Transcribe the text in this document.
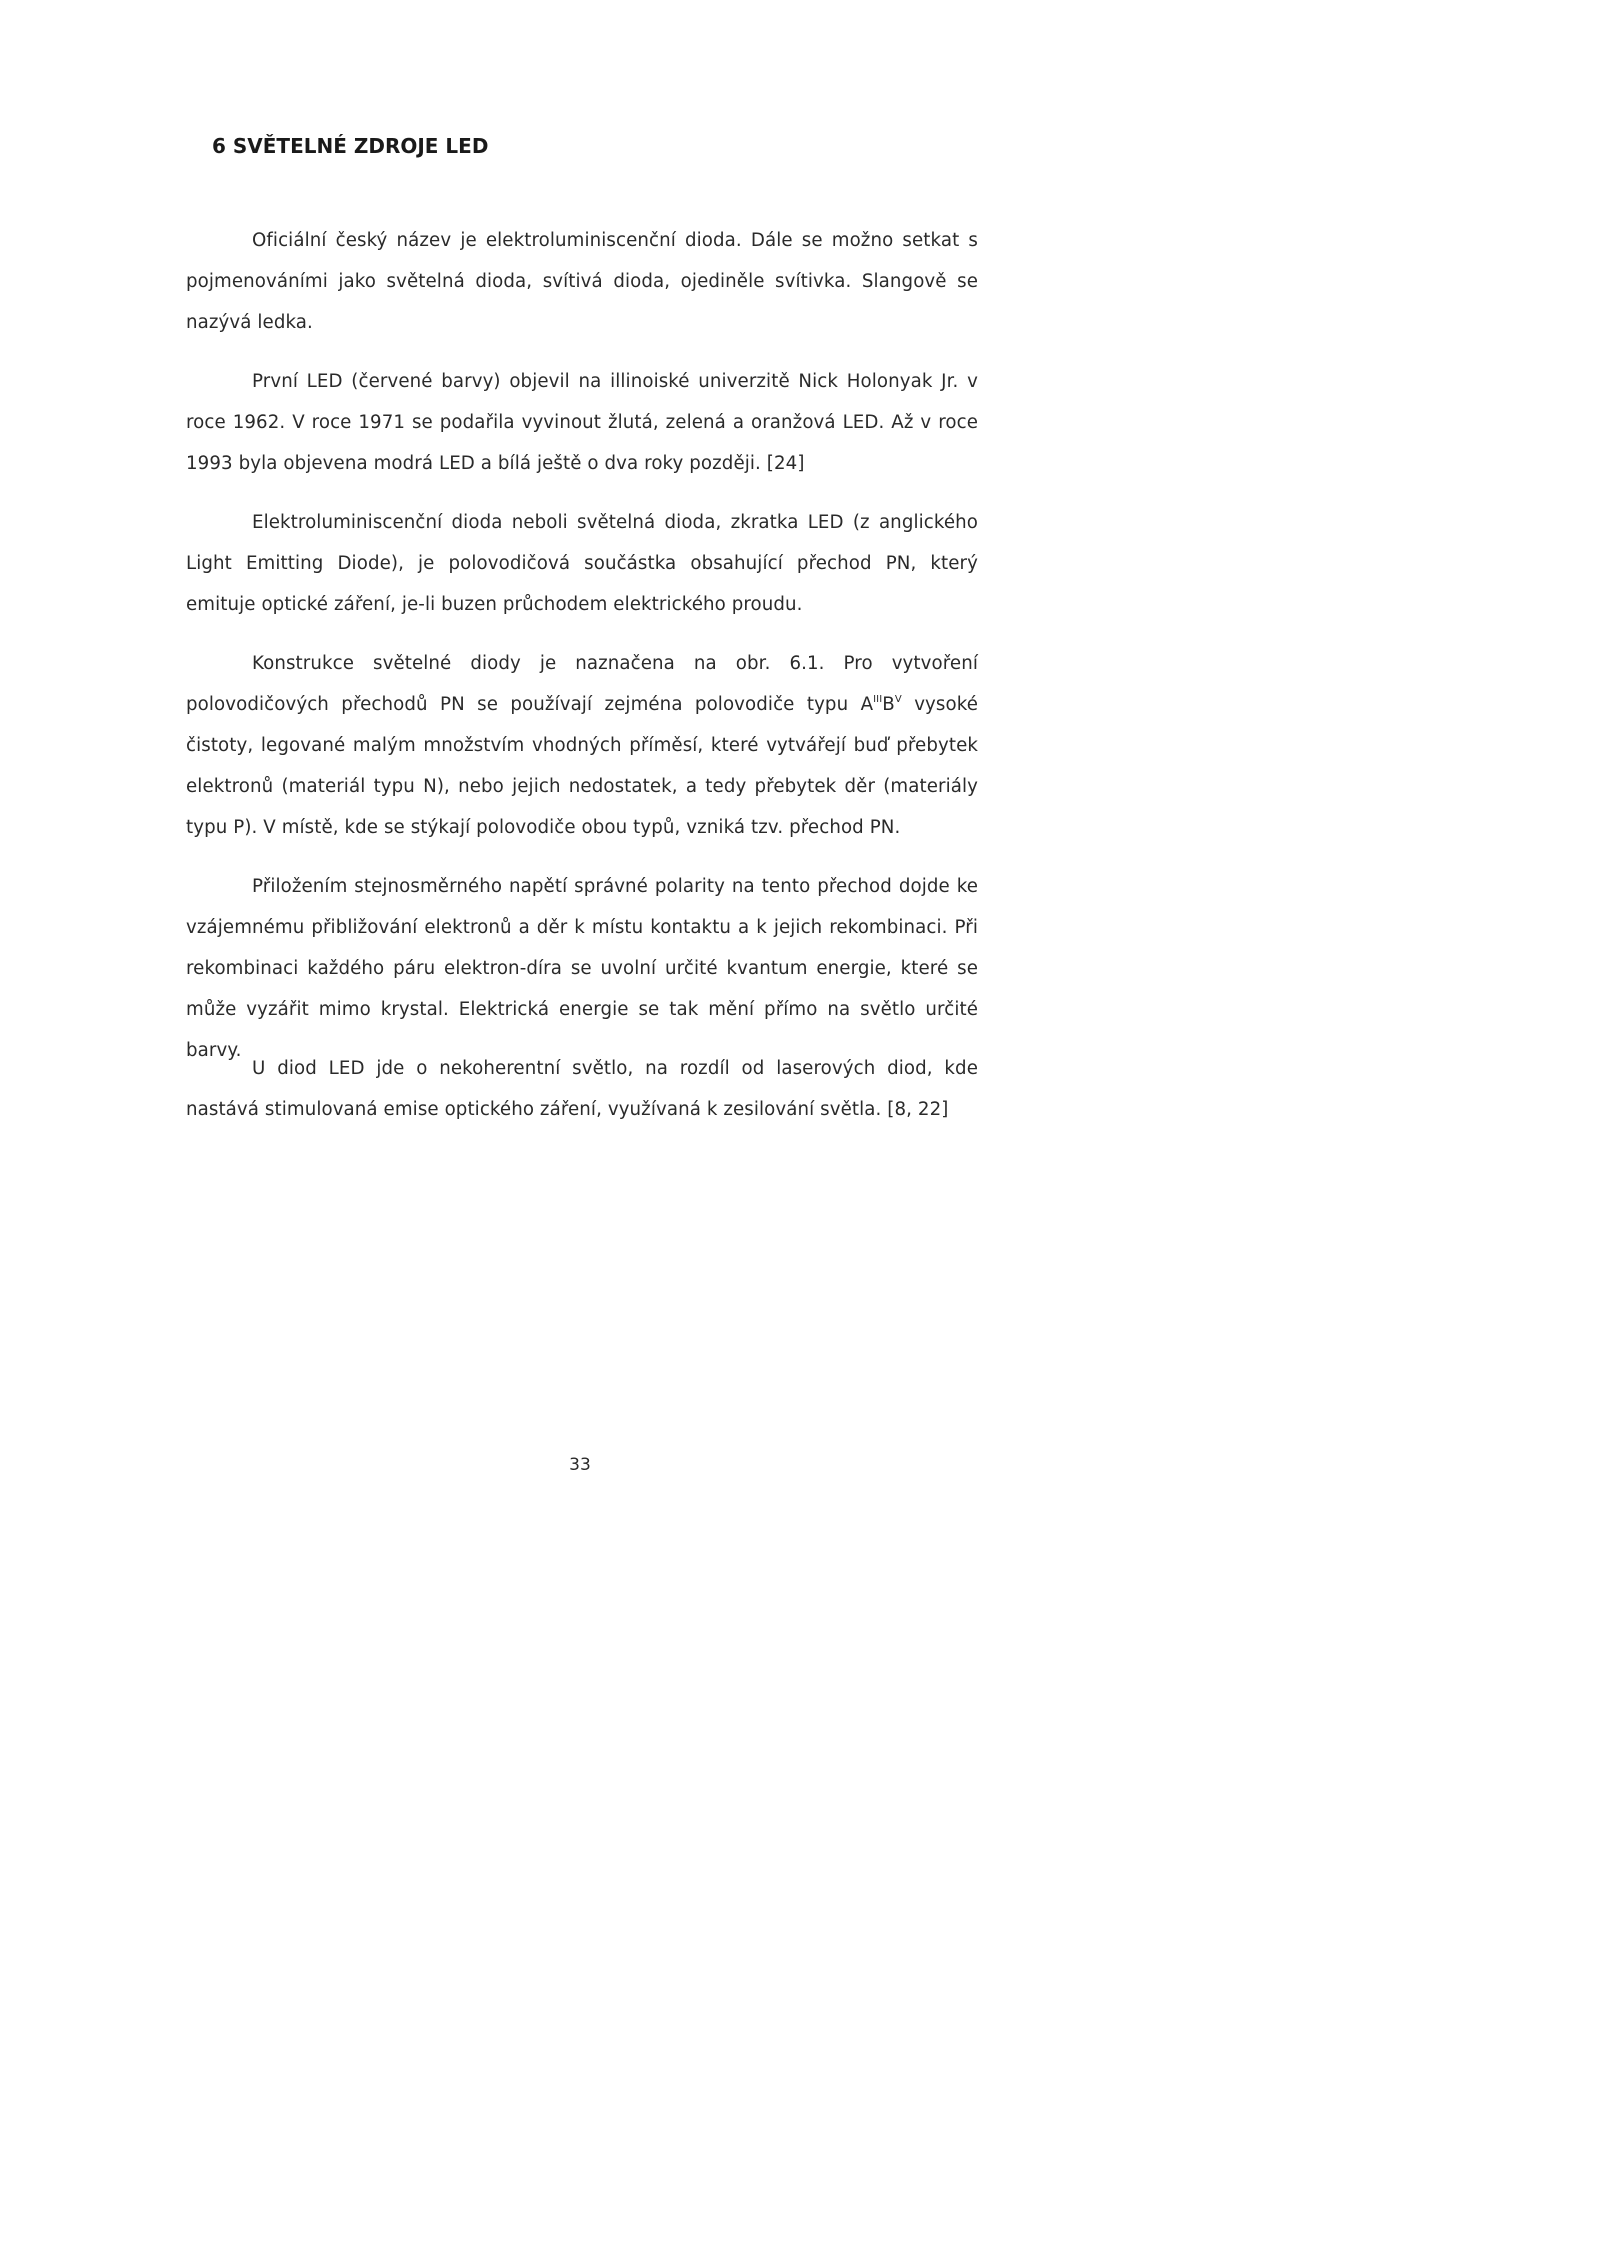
6 SVĚTELNÉ ZDROJE LED

Oficiální český název je elektroluminiscenční dioda. Dále se možno setkat s pojmenováními jako světelná dioda, svítivá dioda, ojediněle svítivka. Slangově se nazývá ledka.

První LED (červené barvy) objevil na illinoiské univerzitě Nick Holonyak Jr. v roce 1962. V roce 1971 se podařila vyvinout žlutá, zelená a oranžová LED. Až v roce 1993 byla objevena modrá LED a bílá ještě o dva roky později. [24]

Elektroluminiscenční dioda neboli světelná dioda, zkratka LED (z anglického Light Emitting Diode), je polovodičová součástka obsahující přechod PN, který emituje optické záření, je-li buzen průchodem elektrického proudu.

Konstrukce světelné diody je naznačena na obr. 6.1. Pro vytvoření polovodičových přechodů PN se používají zejména polovodiče typu $A^{III}B^V$ vysoké čistoty, legované malým množstvím vhodných příměsí, které vytvářejí buď přebytek elektronů (materiál typu N), nebo jejich nedostatek, a tedy přebytek děr (materiály typu P). V místě, kde se stýkají polovodiče obou typů, vzniká tzv. přechod PN.

Přiložením stejnosměrného napětí správné polarity na tento přechod dojde ke vzájemnému přibližování elektronů a děr k místu kontaktu a k jejich rekombinaci. Při rekombinaci každého páru elektron-díra se uvolní určité kvantum energie, které se může vyzářit mimo krystal. Elektrická energie se tak mění přímo na světlo určité barvy.

U diod LED jde o nekoherentní světlo, na rozdíl od laserových diod, kde nastává stimulovaná emise optického záření, využívaná k zesilování světla. [8, 22]

33
